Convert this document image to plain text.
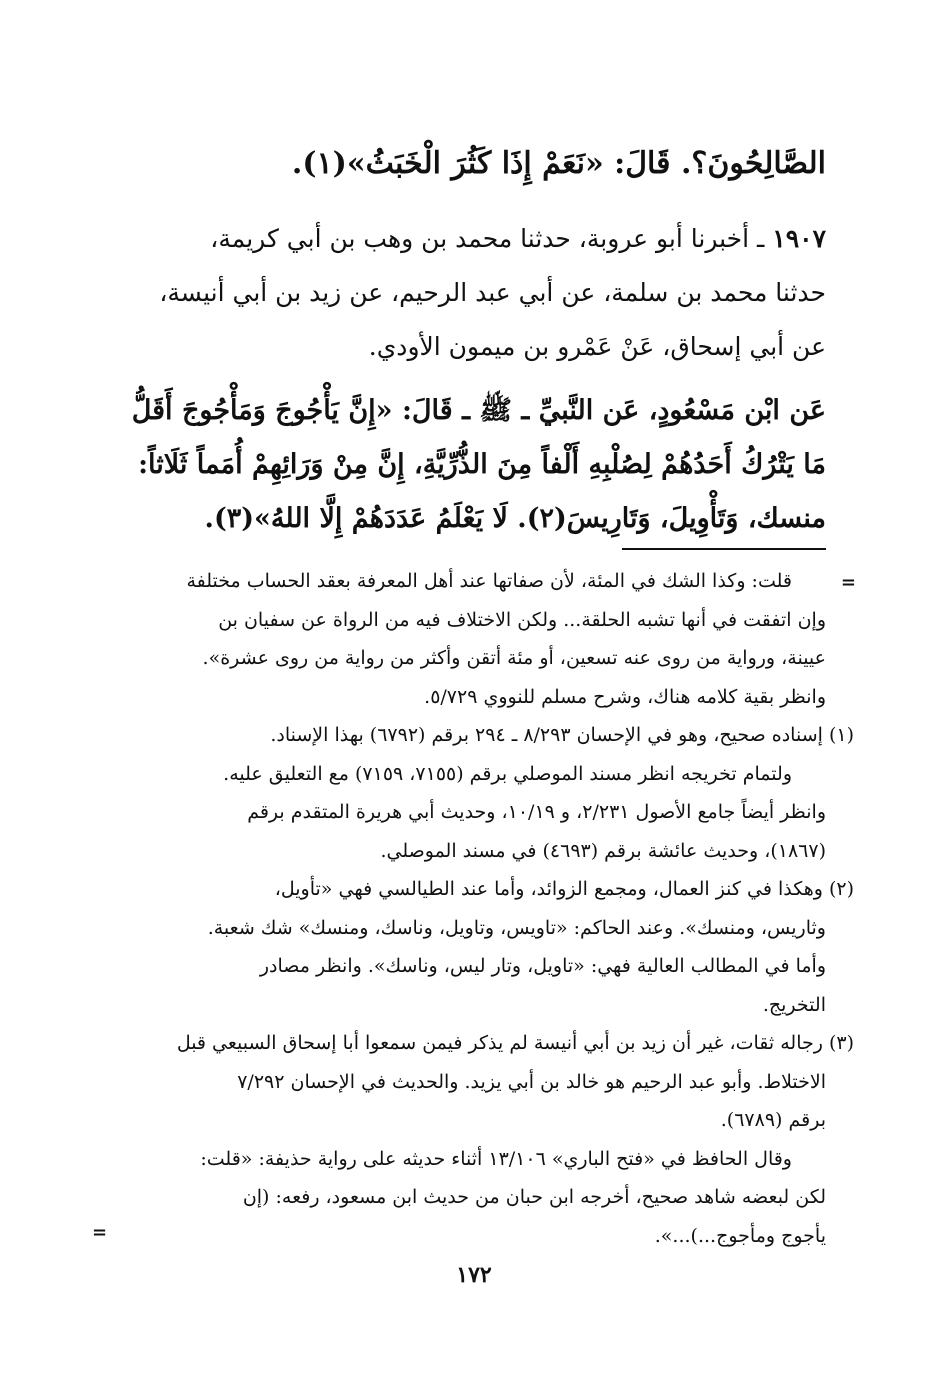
الصَّالِحُونَ؟. قَالَ: «نَعَمْ إِذَا كَثُرَ الْخَبَثُ»(١).
١٩٠٧ ـ أخبرنا أبو عروبة، حدثنا محمد بن وهب بن أبي كريمة،
حدثنا محمد بن سلمة، عن أبي عبد الرحيم، عن زيد بن أبي أنيسة،
عن أبي إسحاق، عَنْ عَمْرو بن ميمون الأودي.
عَن ابْن مَسْعُودٍ، عَن النَّبيِّ ـ ﷺ ـ قَالَ: «إِنَّ يَأْجُوجَ وَمَأْجُوجَ أَقَلُّ
مَا يَتْرُكُ أَحَدُهُمْ لِصُلْبِهِ أَلْفاً مِنَ الذُّرِّيَّةِ، إِنَّ مِنْ وَرَائِهِمْ أُمَماً ثَلَاثاً:
منسك، وَتَأْوِيلَ، وَتَارِيسَ(٢). لَا يَعْلَمُ عَدَدَهُمْ إِلَّا اللهُ»(٣).
=
قلت: وكذا الشك في المئة، لأن صفاتها عند أهل المعرفة بعقد الحساب مختلفة
وإن اتفقت في أنها تشبه الحلقة... ولكن الاختلاف فيه من الرواة عن سفيان بن
عيينة، ورواية من روى عنه تسعين، أو مئة أتقن وأكثر من رواية من روى عشرة».
وانظر بقية كلامه هناك، وشرح مسلم للنووي ٥/٧٢٩.
(١) إسناده صحيح، وهو في الإحسان ٨/٢٩٣ ـ ٢٩٤ برقم (٦٧٩٢) بهذا الإسناد.
ولتمام تخريجه انظر مسند الموصلي برقم (٧١٥٥، ٧١٥٩) مع التعليق عليه.
وانظر أيضاً جامع الأصول ٢/٢٣١، و ١٠/١٩، وحديث أبي هريرة المتقدم برقم
(١٨٦٧)، وحديث عائشة برقم (٤٦٩٣) في مسند الموصلي.
(٢) وهكذا في كنز العمال، ومجمع الزوائد، وأما عند الطيالسي فهي «تأويل،
وثاريس، ومنسك». وعند الحاكم: «تاويس، وتاويل، وناسك، ومنسك» شك شعبة.
وأما في المطالب العالية فهي: «تاويل، وتار ليس، وناسك». وانظر مصادر
التخريج.
(٣) رجاله ثقات، غير أن زيد بن أبي أنيسة لم يذكر فيمن سمعوا أبا إسحاق السبيعي قبل
الاختلاط. وأبو عبد الرحيم هو خالد بن أبي يزيد. والحديث في الإحسان ٧/٢٩٢
برقم (٦٧٨٩).
وقال الحافظ في «فتح الباري» ١٣/١٠٦ أثناء حديثه على رواية حذيفة: «قلت:
لكن لبعضه شاهد صحيح، أخرجه ابن حبان من حديث ابن مسعود، رفعه: (إن
يأجوج ومأجوج...)...».
=
١٧٢
